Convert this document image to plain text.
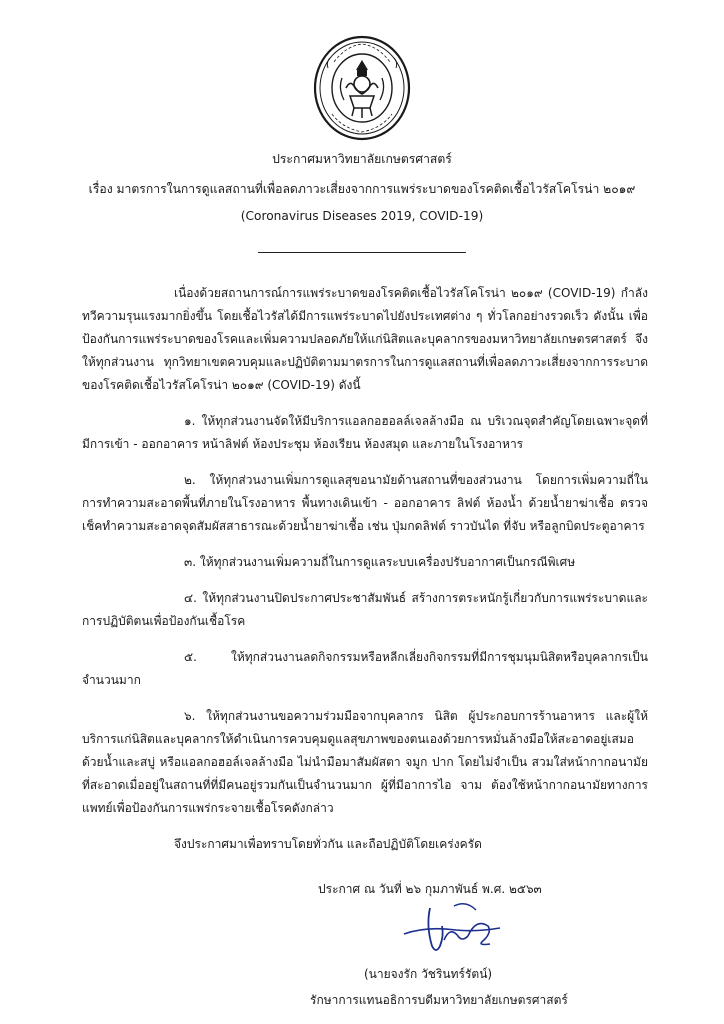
ประกาศมหาวิทยาลัยเกษตรศาสตร์
เรื่อง มาตรการในการดูแลสถานที่เพื่อลดภาวะเสี่ยงจากการแพร่ระบาดของโรคติดเชื้อไวรัสโคโรน่า ๒๐๑๙
(Coronavirus Diseases 2019, COVID-19)

เนื่องด้วยสถานการณ์การแพร่ระบาดของโรคติดเชื้อไวรัสโคโรน่า ๒๐๑๙ (COVID-19) กำลังทวีความรุนแรงมากยิ่งขึ้น โดยเชื้อไวรัสได้มีการแพร่ระบาดไปยังประเทศต่าง ๆ ทั่วโลกอย่างรวดเร็ว ดังนั้น เพื่อป้องกันการแพร่ระบาดของโรคและเพิ่มความปลอดภัยให้แก่นิสิตและบุคลากรของมหาวิทยาลัยเกษตรศาสตร์ จึงให้ทุกส่วนงาน ทุกวิทยาเขตควบคุมและปฏิบัติตามมาตรการในการดูแลสถานที่เพื่อลดภาวะเสี่ยงจากการระบาดของโรคติดเชื้อไวรัสโคโรน่า ๒๐๑๙ (COVID-19) ดังนี้

๑. ให้ทุกส่วนงานจัดให้มีบริการแอลกอฮอลล์เจลล้างมือ ณ บริเวณจุดสำคัญโดยเฉพาะจุดที่มีการเข้า - ออกอาคาร หน้าลิฟต์ ห้องประชุม ห้องเรียน ห้องสมุด และภายในโรงอาหาร

๒. ให้ทุกส่วนงานเพิ่มการดูแลสุขอนามัยด้านสถานที่ของส่วนงาน โดยการเพิ่มความถี่ในการทำความสะอาดพื้นที่ภายในโรงอาหาร พื้นทางเดินเข้า - ออกอาคาร ลิฟต์ ห้องน้ำ ด้วยน้ำยาฆ่าเชื้อ ตรวจเช็คทำความสะอาดจุดสัมผัสสาธารณะด้วยน้ำยาฆ่าเชื้อ เช่น ปุ่มกดลิฟต์ ราวบันได ที่จับ หรือลูกบิดประตูอาคาร

๓. ให้ทุกส่วนงานเพิ่มความถี่ในการดูแลระบบเครื่องปรับอากาศเป็นกรณีพิเศษ

๔. ให้ทุกส่วนงานปิดประกาศประชาสัมพันธ์ สร้างการตระหนักรู้เกี่ยวกับการแพร่ระบาดและการปฏิบัติตนเพื่อป้องกันเชื้อโรค

๕. ให้ทุกส่วนงานลดกิจกรรมหรือหลีกเลี่ยงกิจกรรมที่มีการชุมนุมนิสิตหรือบุคลากรเป็นจำนวนมาก

๖. ให้ทุกส่วนงานขอความร่วมมือจากบุคลากร นิสิต ผู้ประกอบการร้านอาหาร และผู้ให้บริการแก่นิสิตและบุคลากรให้ดำเนินการควบคุมดูแลสุขภาพของตนเองด้วยการหมั่นล้างมือให้สะอาดอยู่เสมอด้วยน้ำและสบู่ หรือแอลกอฮอล์เจลล้างมือ ไม่นำมือมาสัมผัสตา จมูก ปาก โดยไม่จำเป็น สวมใส่หน้ากากอนามัยที่สะอาดเมื่ออยู่ในสถานที่ที่มีคนอยู่รวมกันเป็นจำนวนมาก ผู้ที่มีอาการไอ จาม ต้องใช้หน้ากากอนามัยทางการแพทย์เพื่อป้องกันการแพร่กระจายเชื้อโรคดังกล่าว

จึงประกาศมาเพื่อทราบโดยทั่วกัน และถือปฏิบัติโดยเคร่งครัด

ประกาศ ณ วันที่ ๒๖ กุมภาพันธ์ พ.ศ. ๒๕๖๓
(นายจงรัก วัชรินทร์รัตน์)
รักษาการแทนอธิการบดีมหาวิทยาลัยเกษตรศาสตร์
